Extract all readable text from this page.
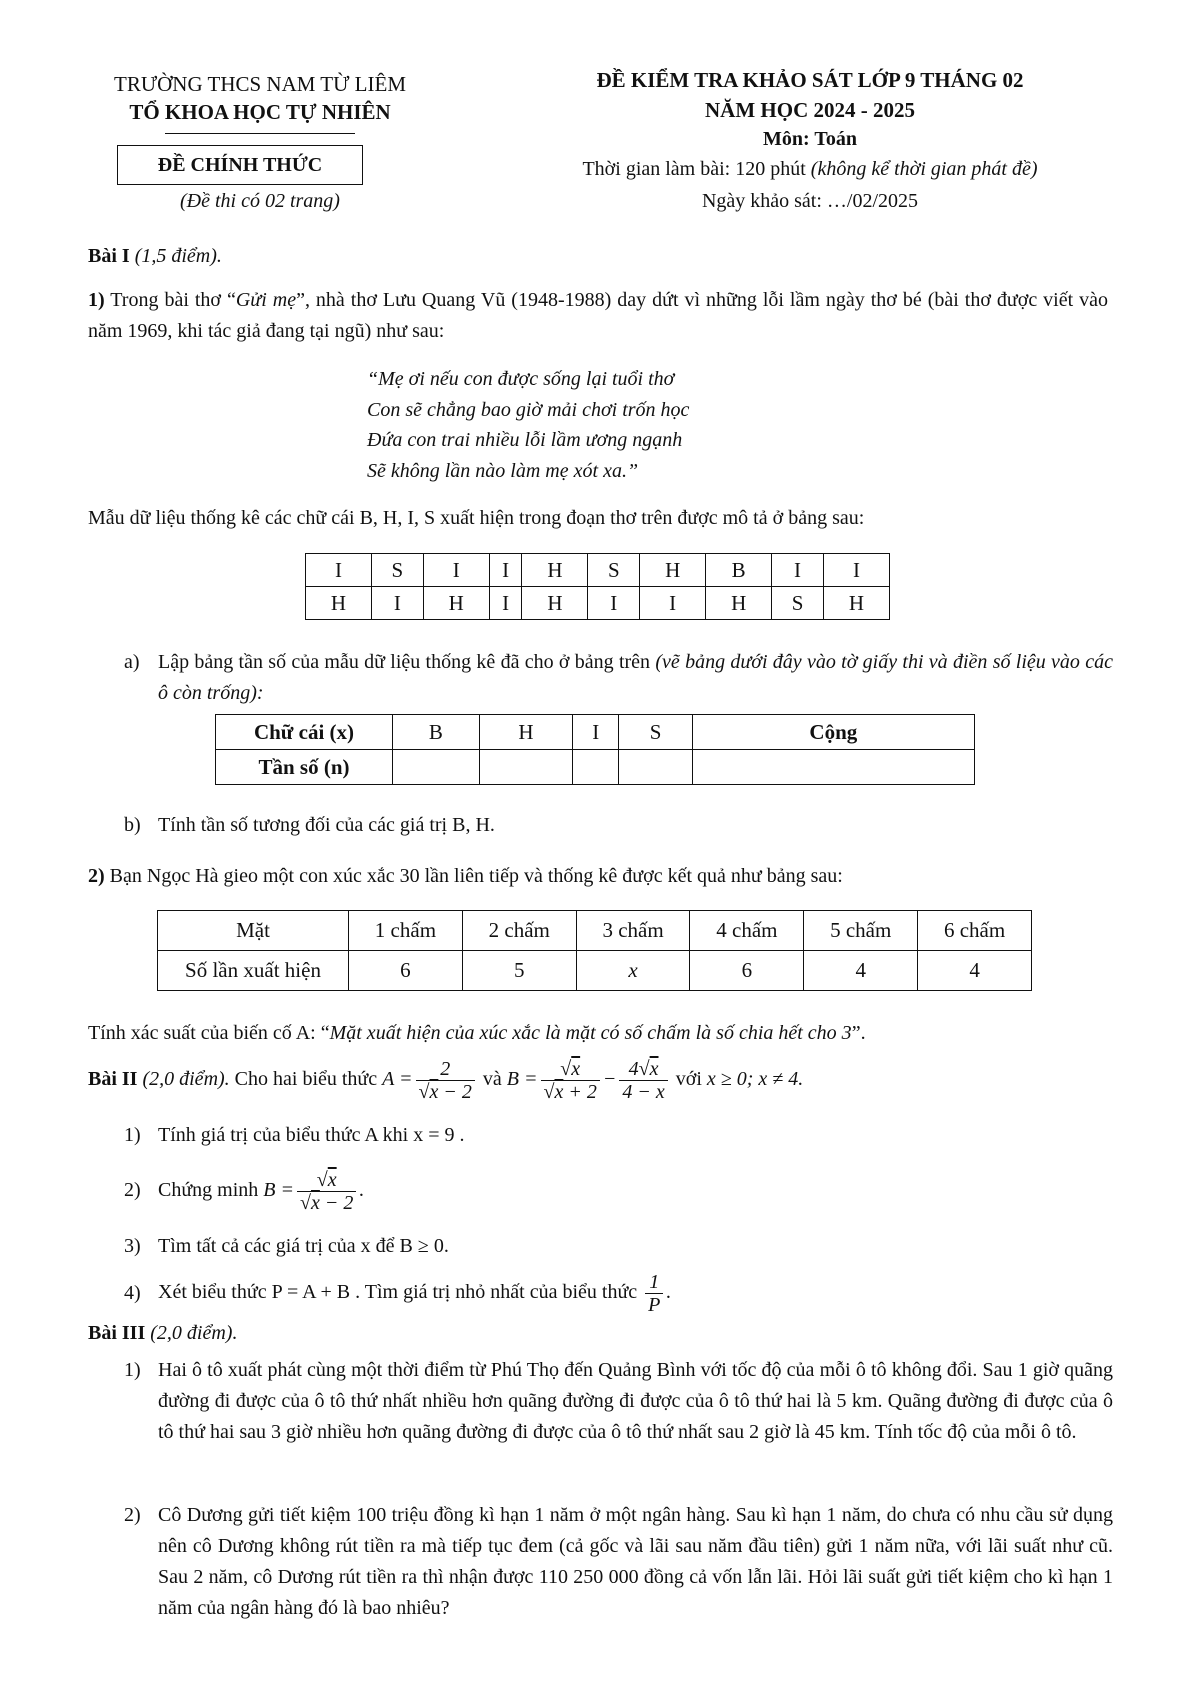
TRƯỜNG THCS NAM TỪ LIÊM
TỔ KHOA HỌC TỰ NHIÊN
ĐỀ CHÍNH THỨC
(Đề thi có 02 trang)
ĐỀ KIỂM TRA KHẢO SÁT LỚP 9 THÁNG 02
NĂM HỌC 2024 - 2025
Môn: Toán
Thời gian làm bài: 120 phút (không kể thời gian phát đề)
Ngày khảo sát: …/02/2025
Bài I (1,5 điểm).
1) Trong bài thơ “Gửi mẹ”, nhà thơ Lưu Quang Vũ (1948-1988) day dứt vì những lỗi lầm ngày thơ bé (bài thơ được viết vào năm 1969, khi tác giả đang tại ngũ) như sau:
“Mẹ ơi nếu con được sống lại tuổi thơ
Con sẽ chẳng bao giờ mải chơi trốn học
Đứa con trai nhiều lỗi lầm ương ngạnh
Sẽ không lần nào làm mẹ xót xa.”
Mẫu dữ liệu thống kê các chữ cái B, H, I, S xuất hiện trong đoạn thơ trên được mô tả ở bảng sau:
I	S	I	I	H	S	H	B	I	I
H	I	H	I	H	I	I	H	S	H
a) Lập bảng tần số của mẫu dữ liệu thống kê đã cho ở bảng trên (vẽ bảng dưới đây vào tờ giấy thi và điền số liệu vào các ô còn trống):
Chữ cái (x)	B	H	I	S	Cộng
Tần số (n)					
b) Tính tần số tương đối của các giá trị B, H.
2) Bạn Ngọc Hà gieo một con xúc xắc 30 lần liên tiếp và thống kê được kết quả như bảng sau:
Mặt	1 chấm	2 chấm	3 chấm	4 chấm	5 chấm	6 chấm
Số lần xuất hiện	6	5	x	6	4	4
Tính xác suất của biến cố A: “Mặt xuất hiện của xúc xắc là mặt có số chấm là số chia hết cho 3”.
Bài II (2,0 điểm). Cho hai biểu thức $A = \frac{2}{√x - 2}$ và $B = \frac{√x}{√x + 2} - \frac{4√x}{4 - x}$ với x ≥ 0; x ≠ 4.
1) Tính giá trị của biểu thức A khi x = 9 .
2) Chứng minh $B = \frac{√x}{√x - 2}$ .
3) Tìm tất cả các giá trị của x để B ≥ 0.
4) Xét biểu thức P = A + B . Tìm giá trị nhỏ nhất của biểu thức $\frac{1}{P}$ .
Bài III (2,0 điểm).
1) Hai ô tô xuất phát cùng một thời điểm từ Phú Thọ đến Quảng Bình với tốc độ của mỗi ô tô không đổi. Sau 1 giờ quãng đường đi được của ô tô thứ nhất nhiều hơn quãng đường đi được của ô tô thứ hai là 5 km. Quãng đường đi được của ô tô thứ hai sau 3 giờ nhiều hơn quãng đường đi được của ô tô thứ nhất sau 2 giờ là 45 km. Tính tốc độ của mỗi ô tô.
2) Cô Dương gửi tiết kiệm 100 triệu đồng kì hạn 1 năm ở một ngân hàng. Sau kì hạn 1 năm, do chưa có nhu cầu sử dụng nên cô Dương không rút tiền ra mà tiếp tục đem (cả gốc và lãi sau năm đầu tiên) gửi 1 năm nữa, với lãi suất như cũ. Sau 2 năm, cô Dương rút tiền ra thì nhận được 110 250 000 đồng cả vốn lẫn lãi. Hỏi lãi suất gửi tiết kiệm cho kì hạn 1 năm của ngân hàng đó là bao nhiêu?
